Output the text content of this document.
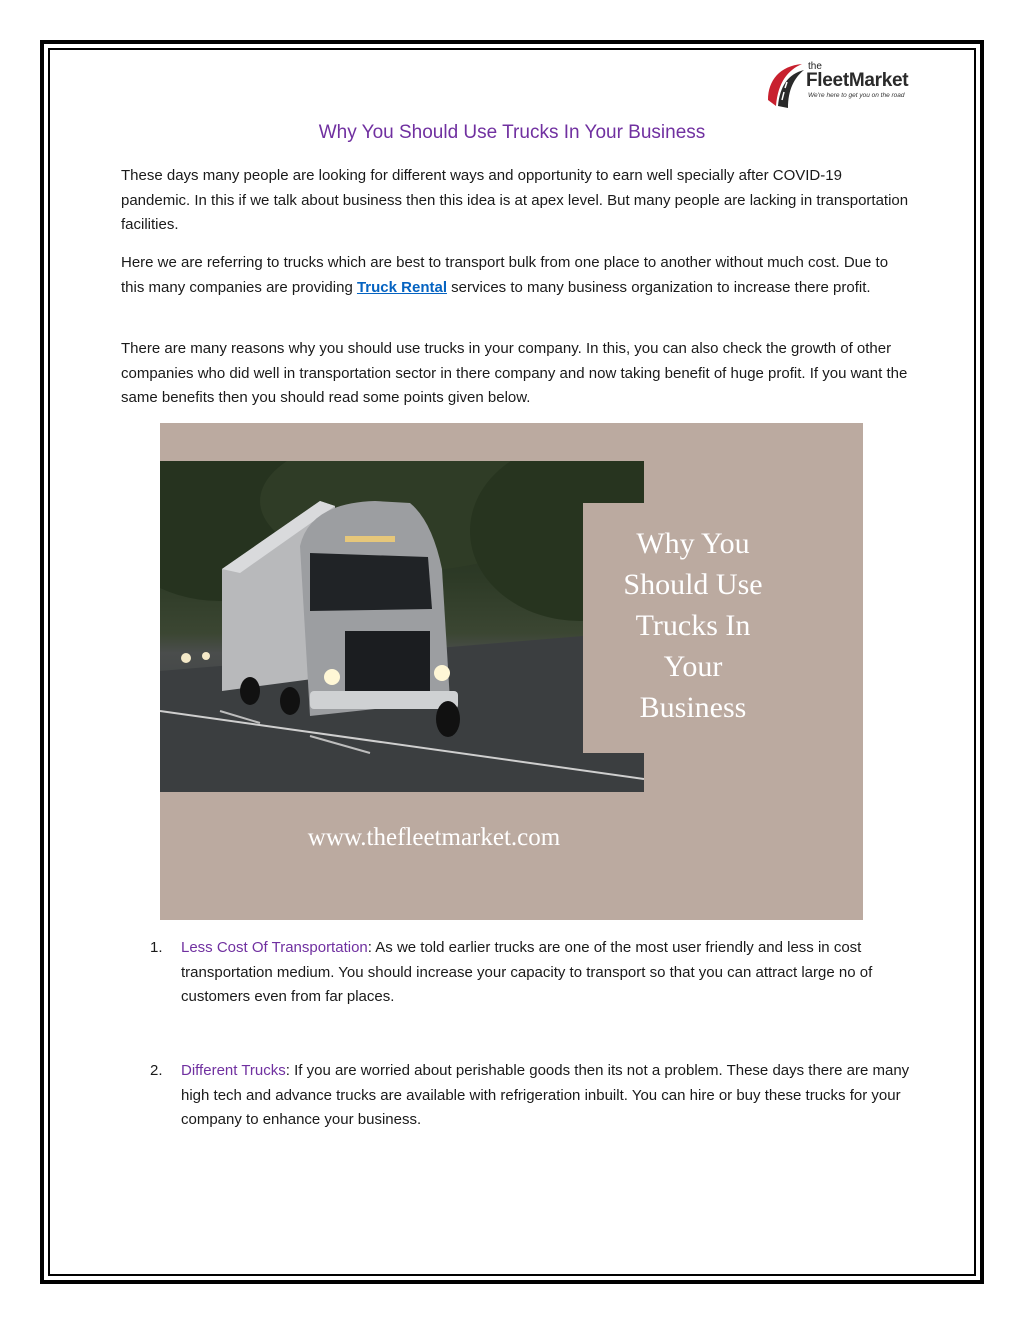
the
FleetMarket
We're here to get you on the road
Why You Should Use Trucks In Your Business

These days many people are looking for different ways and opportunity to earn well specially after COVID-19 pandemic. In this if we talk about business then this idea is at apex level. But many people are lacking in transportation facilities.

Here we are referring to trucks which are best to transport bulk from one place to another without much cost. Due to this many companies are providing Truck Rental services to many business organization to increase there profit.

There are many reasons why you should use trucks in your company. In this, you can also check the growth of other companies who did well in transportation sector in there company and now taking benefit of huge profit. If you want the same benefits then you should read some points given below.

Why You
Should Use
Trucks In
Your
Business

www.thefleetmarket.com

1. Less Cost Of Transportation: As we told earlier trucks are one of the most user friendly and less in cost transportation medium. You should increase your capacity to transport so that you can attract large no of customers even from far places.

2. Different Trucks: If you are worried about perishable goods then its not a problem. These days there are many high tech and advance trucks are available with refrigeration inbuilt. You can hire or buy these trucks for your company to enhance your business.
